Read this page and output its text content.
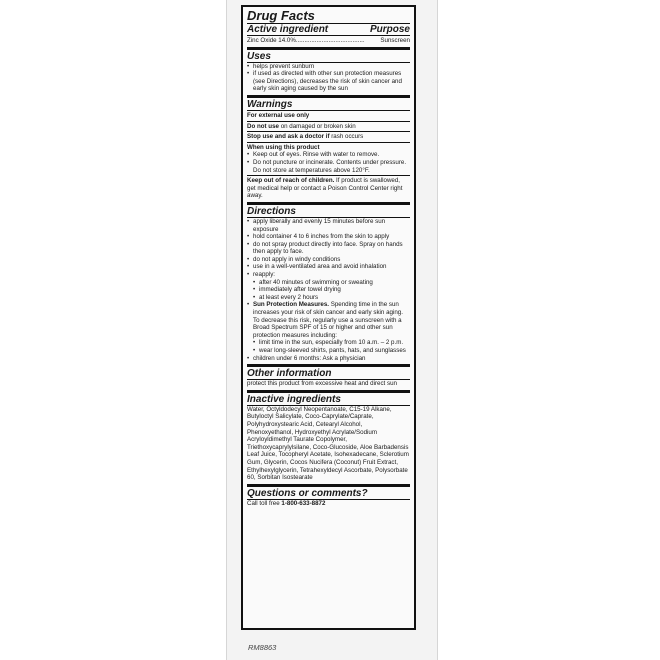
Drug Facts
Active ingredient	Purpose
Zinc Oxide 14.0%........................................	Sunscreen
Uses
• helps prevent sunburn
• if used as directed with other sun protection measures (see Directions), decreases the risk of skin cancer and early skin aging caused by the sun
Warnings
For external use only
Do not use on damaged or broken skin
Stop use and ask a doctor if rash occurs
When using this product
• Keep out of eyes. Rinse with water to remove.
• Do not puncture or incinerate. Contents under pressure. Do not store at temperatures above 120°F.
Keep out of reach of children. If product is swallowed, get medical help or contact a Poison Control Center right away.
Directions
• apply liberally and evenly 15 minutes before sun exposure
• hold container 4 to 6 inches from the skin to apply
• do not spray product directly into face. Spray on hands then apply to face.
• do not apply in windy conditions
• use in a well-ventilated area and avoid inhalation
• reapply:
• after 40 minutes of swimming or sweating
• immediately after towel drying
• at least every 2 hours
• Sun Protection Measures. Spending time in the sun increases your risk of skin cancer and early skin aging. To decrease this risk, regularly use a sunscreen with a Broad Spectrum SPF of 15 or higher and other sun protection measures including:
• limit time in the sun, especially from 10 a.m. – 2 p.m.
• wear long-sleeved shirts, pants, hats, and sunglasses
• children under 6 months: Ask a physician
Other information
protect this product from excessive heat and direct sun
Inactive ingredients
Water, Octyldodecyl Neopentanoate, C15-19 Alkane, Butyloctyl Salicylate, Coco-Caprylate/Caprate, Polyhydroxystearic Acid, Cetearyl Alcohol, Phenoxyethanol, Hydroxyethyl Acrylate/Sodium Acryloyldimethyl Taurate Copolymer, Triethoxycaprylylsilane, Coco-Glucoside, Aloe Barbadensis Leaf Juice, Tocopheryl Acetate, Isohexadecane, Sclerotium Gum, Glycerin, Cocos Nucifera (Coconut) Fruit Extract, Ethylhexylglycerin, Tetrahexyldecyl Ascorbate, Polysorbate 60, Sorbitan Isostearate
Questions or comments?
Call toll free 1-800-633-8872
RM8863
